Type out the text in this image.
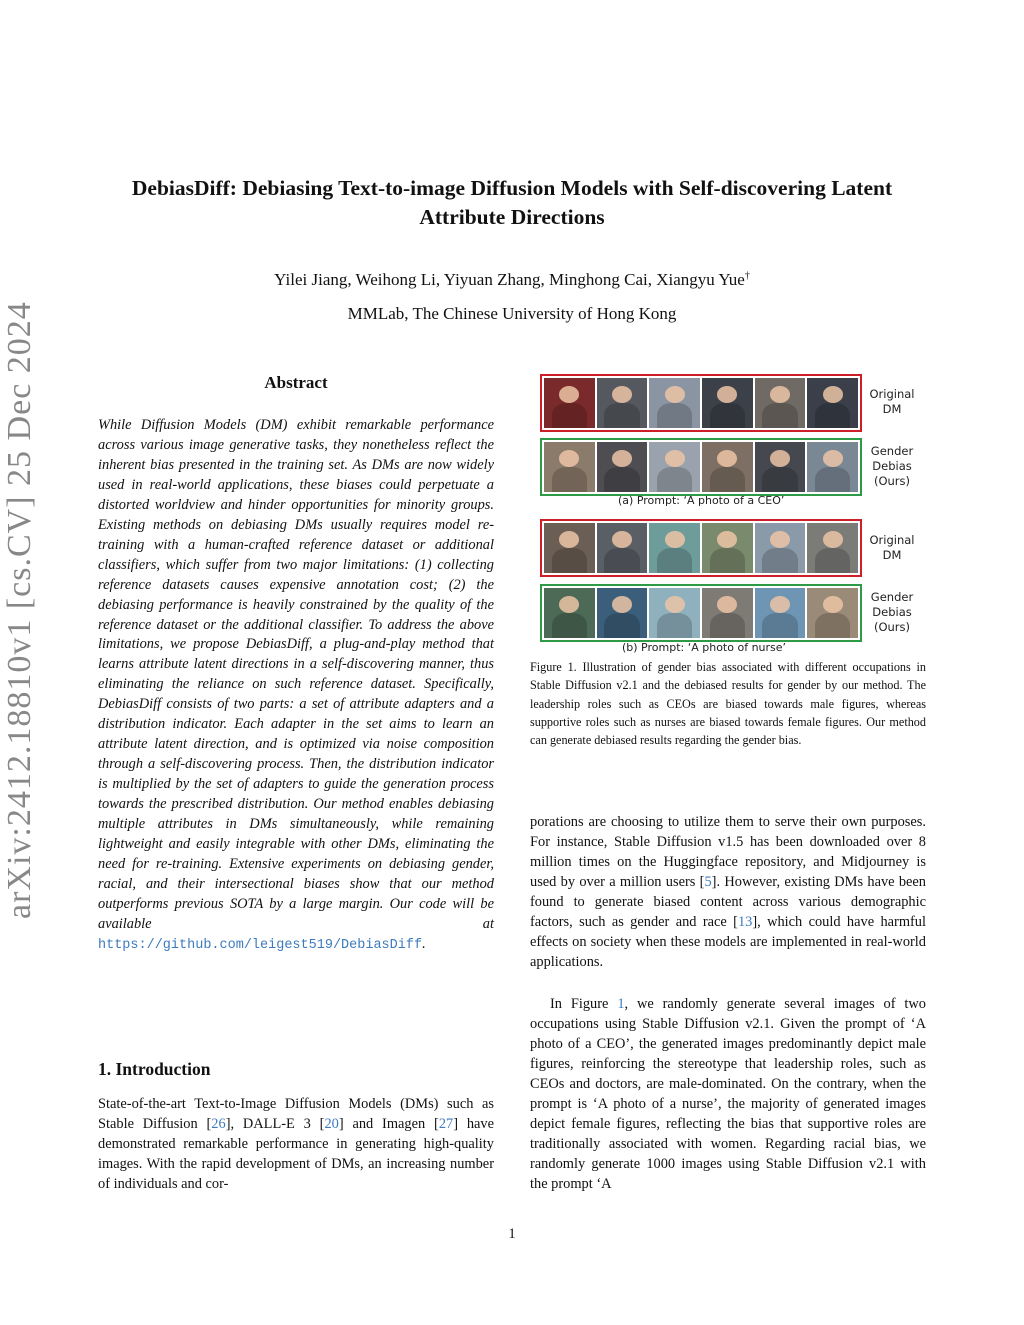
arXiv:2412.18810v1 [cs.CV] 25 Dec 2024
DebiasDiff: Debiasing Text-to-image Diffusion Models with Self-discovering Latent Attribute Directions
Yilei Jiang, Weihong Li, Yiyuan Zhang, Minghong Cai, Xiangyu Yue†
MMLab, The Chinese University of Hong Kong
Abstract
While Diffusion Models (DM) exhibit remarkable performance across various image generative tasks, they nonetheless reflect the inherent bias presented in the training set. As DMs are now widely used in real-world applications, these biases could perpetuate a distorted worldview and hinder opportunities for minority groups. Existing methods on debiasing DMs usually requires model re-training with a human-crafted reference dataset or additional classifiers, which suffer from two major limitations: (1) collecting reference datasets causes expensive annotation cost; (2) the debiasing performance is heavily constrained by the quality of the reference dataset or the additional classifier. To address the above limitations, we propose DebiasDiff, a plug-and-play method that learns attribute latent directions in a self-discovering manner, thus eliminating the reliance on such reference dataset. Specifically, DebiasDiff consists of two parts: a set of attribute adapters and a distribution indicator. Each adapter in the set aims to learn an attribute latent direction, and is optimized via noise composition through a self-discovering process. Then, the distribution indicator is multiplied by the set of adapters to guide the generation process towards the prescribed distribution. Our method enables debiasing multiple attributes in DMs simultaneously, while remaining lightweight and easily integrable with other DMs, eliminating the need for re-training. Extensive experiments on debiasing gender, racial, and their intersectional biases show that our method outperforms previous SOTA by a large margin. Our code will be available at https://github.com/leigest519/DebiasDiff.
(a) Prompt: ‘A photo of a CEO’
(b) Prompt: ‘A photo of nurse’
Original
DM
Gender
Debias
(Ours)
Original
DM
Gender
Debias
(Ours)
Figure 1. Illustration of gender bias associated with different occupations in Stable Diffusion v2.1 and the debiased results for gender by our method. The leadership roles such as CEOs are biased towards male figures, whereas supportive roles such as nurses are biased towards female figures. Our method can generate debiased results regarding the gender bias.
porations are choosing to utilize them to serve their own purposes. For instance, Stable Diffusion v1.5 has been downloaded over 8 million times on the Huggingface repository, and Midjourney is used by over a million users [5]. However, existing DMs have been found to generate biased content across various demographic factors, such as gender and race [13], which could have harmful effects on society when these models are implemented in real-world applications.
In Figure 1, we randomly generate several images of two occupations using Stable Diffusion v2.1. Given the prompt of ‘A photo of a CEO’, the generated images predominantly depict male figures, reinforcing the stereotype that leadership roles, such as CEOs and doctors, are male-dominated. On the contrary, when the prompt is ‘A photo of a nurse’, the majority of generated images depict female figures, reflecting the bias that supportive roles are traditionally associated with women. Regarding racial bias, we randomly generate 1000 images using Stable Diffusion v2.1 with the prompt ‘A
1. Introduction
State-of-the-art Text-to-Image Diffusion Models (DMs) such as Stable Diffusion [26], DALL-E 3 [20] and Imagen [27] have demonstrated remarkable performance in generating high-quality images. With the rapid development of DMs, an increasing number of individuals and cor-
1
